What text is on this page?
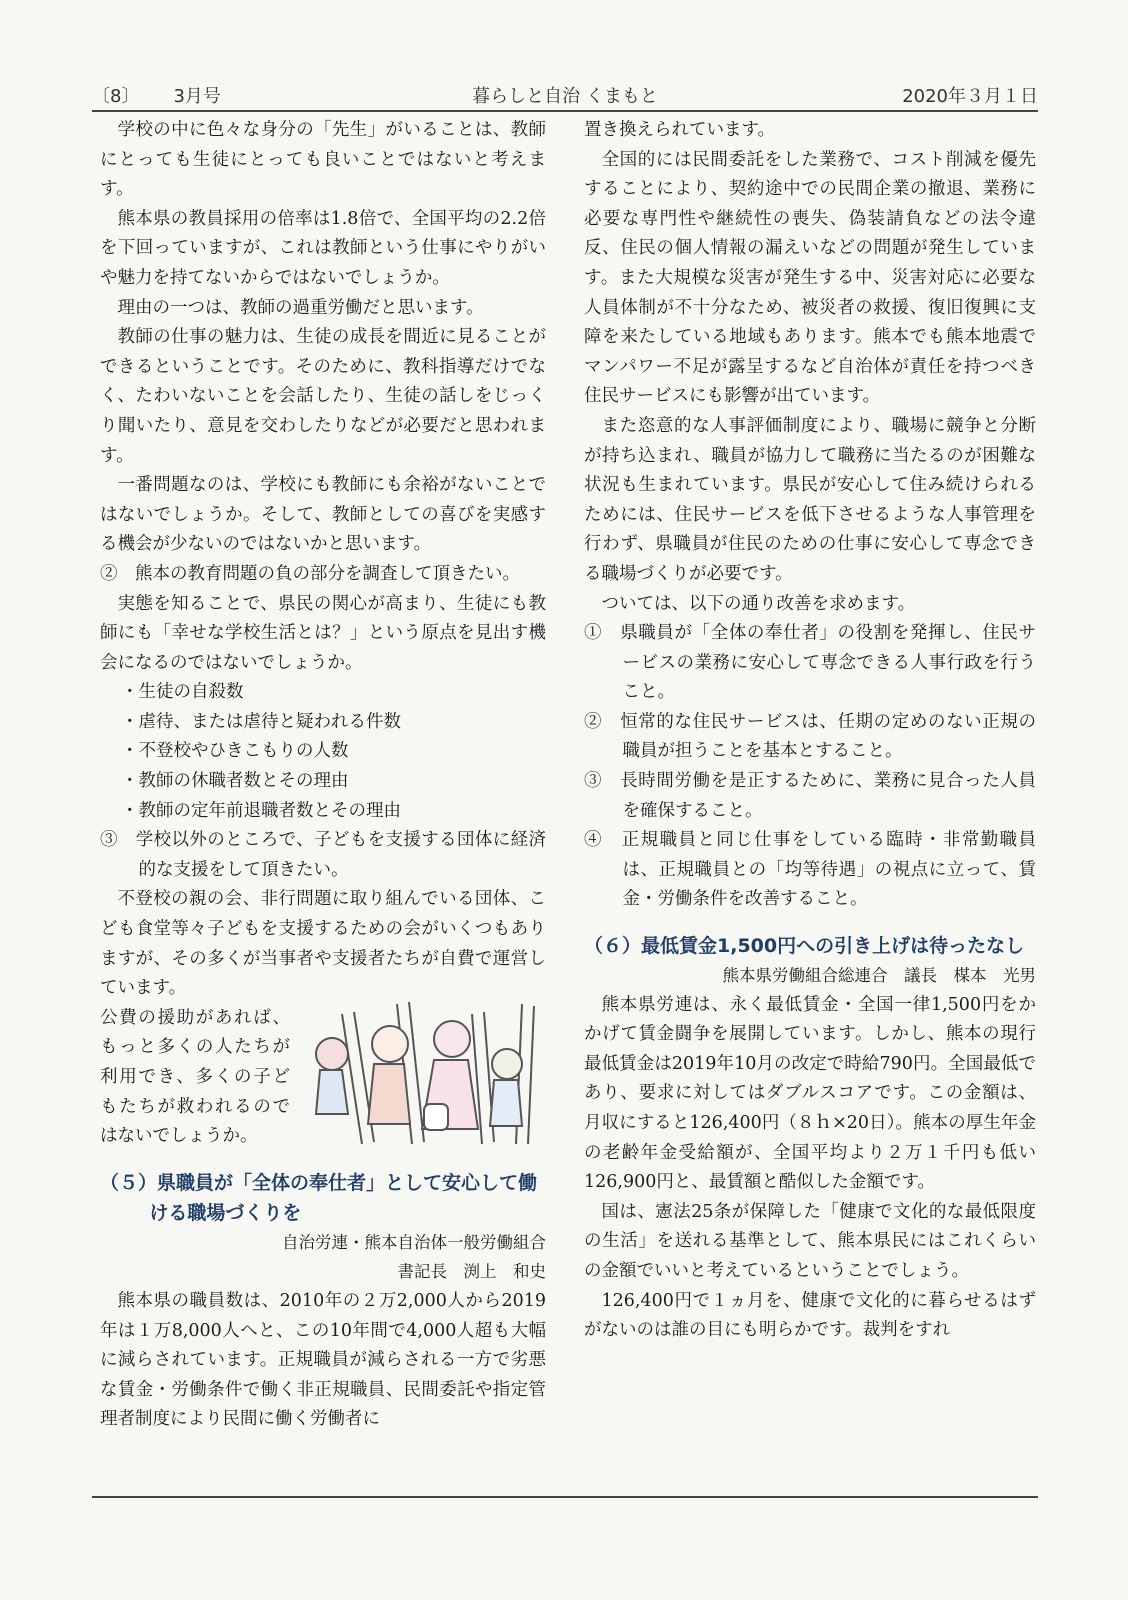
〔8〕 3月号	暮らしと自治 くまもと	2020年３月１日

学校の中に色々な身分の「先生」がいることは、教師にとっても生徒にとっても良いことではないと考えます。

熊本県の教員採用の倍率は1.8倍で、全国平均の2.2倍を下回っていますが、これは教師という仕事にやりがいや魅力を持てないからではないでしょうか。

理由の一つは、教師の過重労働だと思います。

教師の仕事の魅力は、生徒の成長を間近に見ることができるということです。そのために、教科指導だけでなく、たわいないことを会話したり、生徒の話しをじっくり聞いたり、意見を交わしたりなどが必要だと思われます。

一番問題なのは、学校にも教師にも余裕がないことではないでしょうか。そして、教師としての喜びを実感する機会が少ないのではないかと思います。

②　熊本の教育問題の負の部分を調査して頂きたい。

実態を知ることで、県民の関心が高まり、生徒にも教師にも「幸せな学校生活とは？」という原点を見出す機会になるのではないでしょうか。

・生徒の自殺数
・虐待、または虐待と疑われる件数
・不登校やひきこもりの人数
・教師の休職者数とその理由
・教師の定年前退職者数とその理由
③　学校以外のところで、子どもを支援する団体に経済的な支援をして頂きたい。

不登校の親の会、非行問題に取り組んでいる団体、こども食堂等々子どもを支援するための会がいくつもありますが、その多くが当事者や支援者たちが自費で運営しています。

公費の援助があれば、もっと多くの人たちが利用でき、多くの子どもたちが救われるのではないでしょうか。

（５）県職員が「全体の奉仕者」として安心して働ける職場づくりを
自治労連・熊本自治体一般労働組合
書記長　渕上　和史

熊本県の職員数は、2010年の２万2,000人から2019年は１万8,000人へと、この10年間で4,000人超も大幅に減らされています。正規職員が減らされる一方で劣悪な賃金・労働条件で働く非正規職員、民間委託や指定管理者制度により民間に働く労働者に

置き換えられています。

全国的には民間委託をした業務で、コスト削減を優先することにより、契約途中での民間企業の撤退、業務に必要な専門性や継続性の喪失、偽装請負などの法令違反、住民の個人情報の漏えいなどの問題が発生しています。また大規模な災害が発生する中、災害対応に必要な人員体制が不十分なため、被災者の救援、復旧復興に支障を来たしている地域もあります。熊本でも熊本地震でマンパワー不足が露呈するなど自治体が責任を持つべき住民サービスにも影響が出ています。

また恣意的な人事評価制度により、職場に競争と分断が持ち込まれ、職員が協力して職務に当たるのが困難な状況も生まれています。県民が安心して住み続けられるためには、住民サービスを低下させるような人事管理を行わず、県職員が住民のための仕事に安心して専念できる職場づくりが必要です。

ついては、以下の通り改善を求めます。

①　県職員が「全体の奉仕者」の役割を発揮し、住民サービスの業務に安心して専念できる人事行政を行うこと。
②　恒常的な住民サービスは、任期の定めのない正規の職員が担うことを基本とすること。
③　長時間労働を是正するために、業務に見合った人員を確保すること。
④　正規職員と同じ仕事をしている臨時・非常勤職員は、正規職員との「均等待遇」の視点に立って、賃金・労働条件を改善すること。
（６）最低賃金1,500円への引き上げは待ったなし
熊本県労働組合総連合　議長　楳本　光男

熊本県労連は、永く最低賃金・全国一律1,500円をかかげて賃金闘争を展開しています。しかし、熊本の現行最低賃金は2019年10月の改定で時給790円。全国最低であり、要求に対してはダブルスコアです。この金額は、月収にすると126,400円（８ｈ×20日）。熊本の厚生年金の老齢年金受給額が、全国平均より２万１千円も低い126,900円と、最賃額と酷似した金額です。

国は、憲法25条が保障した「健康で文化的な最低限度の生活」を送れる基準として、熊本県民にはこれくらいの金額でいいと考えているということでしょう。

126,400円で１ヵ月を、健康で文化的に暮らせるはずがないのは誰の目にも明らかです。裁判をすれ
